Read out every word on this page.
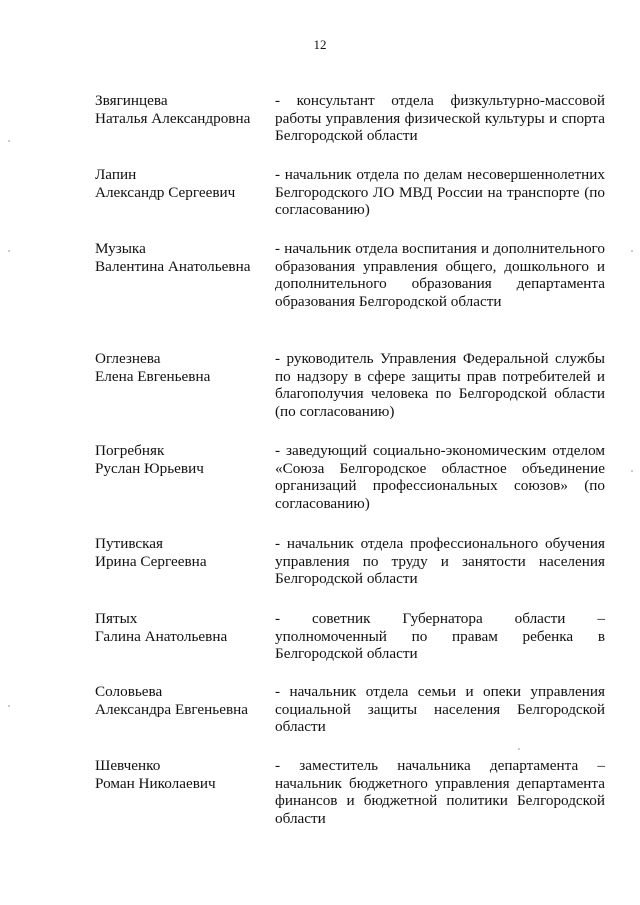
12
Звягинцева
Наталья Александровна
- консультант отдела физкультурно-массовой работы управления физической культуры и спорта Белгородской области
Лапин
Александр Сергеевич
- начальник отдела по делам несовершеннолетних Белгородского ЛО МВД России на транспорте (по согласованию)
Музыка
Валентина Анатольевна
- начальник отдела воспитания и дополнительного образования управления общего, дошкольного и дополнительного образования департамента образования Белгородской области
Оглезнева
Елена Евгеньевна
- руководитель Управления Федеральной службы по надзору в сфере защиты прав потребителей и благополучия человека по Белгородской области (по согласованию)
Погребняк
Руслан Юрьевич
- заведующий социально-экономическим отделом «Союза Белгородское областное объединение организаций профессиональных союзов» (по согласованию)
Путивская
Ирина Сергеевна
- начальник отдела профессионального обучения управления по труду и занятости населения Белгородской области
Пятых
Галина Анатольевна
- советник Губернатора области – уполномоченный по правам ребенка в Белгородской области
Соловьева
Александра Евгеньевна
- начальник отдела семьи и опеки управления социальной защиты населения Белгородской области
Шевченко
Роман Николаевич
- заместитель начальника департамента – начальник бюджетного управления департамента финансов и бюджетной политики Белгородской области
